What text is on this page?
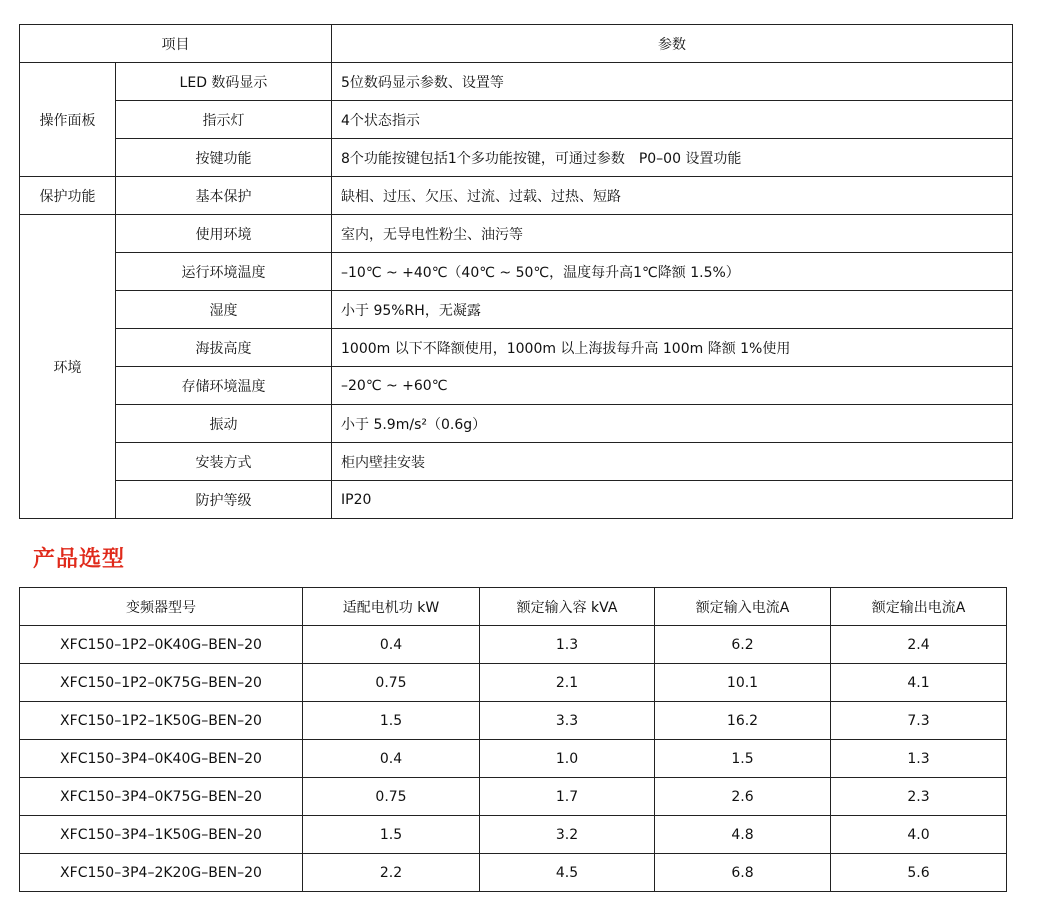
项目		参数
操作面板	LED 数码显示	5位数码显示参数、设置等
	指示灯	4个状态指示
	按键功能	8个功能按键包括1个多功能按键，可通过参数　P0–00 设置功能
保护功能	基本保护	缺相、过压、欠压、过流、过载、过热、短路
环境	使用环境	室内，无导电性粉尘、油污等
	运行环境温度	–10℃ ~ +40℃（40℃ ~ 50℃，温度每升高1℃降额 1.5%）
	湿度	小于 95%RH，无凝露
	海拔高度	1000m 以下不降额使用，1000m 以上海拔每升高 100m 降额 1%使用
	存储环境温度	–20℃ ~ +60℃
	振动	小于 5.9m/s²（0.6g）
	安装方式	柜内壁挂安装
	防护等级	IP20
产品选型
变频器型号	适配电机功 kW	额定输入容 kVA	额定输入电流A	额定输出电流A
XFC150–1P2–0K40G–BEN–20	0.4	1.3	6.2	2.4
XFC150–1P2–0K75G–BEN–20	0.75	2.1	10.1	4.1
XFC150–1P2–1K50G–BEN–20	1.5	3.3	16.2	7.3
XFC150–3P4–0K40G–BEN–20	0.4	1.0	1.5	1.3
XFC150–3P4–0K75G–BEN–20	0.75	1.7	2.6	2.3
XFC150–3P4–1K50G–BEN–20	1.5	3.2	4.8	4.0
XFC150–3P4–2K20G–BEN–20	2.2	4.5	6.8	5.6
